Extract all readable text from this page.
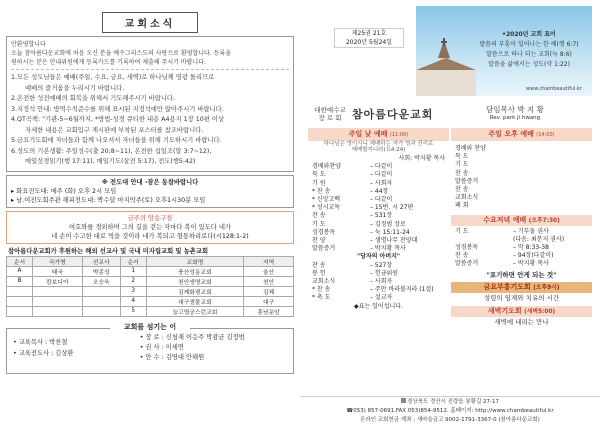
교회소식
안환영합니다
오늘 참아름다운교회에 처음 오신 분을 예수그리스도의 사랑으로 환영합니다. 등록을
원하시는 분은 안내위원에게 등록카드를 기록하여 제출해 주시기 바랍니다.

1.모든 성도님들은 예배(주일, 수요, 금요, 새벽)로 하나님께 영광 돌리므로

예배의 즐거움을 누리시기 바랍니다.

2.온전한 성전예배의 회복을 위해서 기도해주시기 바랍니다.

3.지정석 안내: 방역수칙준수를 위해 표시된 지정석에만 앉아주시기 바랍니다.

4.QT곡책: "기관-5~6월까지, *방법-성경 큐티한 내용 A4용지 1장 10편 이상

자세한 내용은 교회입구 게시판에 부착된 포스터를 참조바랍니다.

5.금요기도회에 자녀들과 함께 나오셔서 자녀들을 위해 기도하시기 바랍니다.

6.성도의 기본생활: 주일성수(출 20:8~11), 온전한 십일조(말 3:7~12),

매일성경읽기(행 17:11), 매일기도(살전 5:17), 전도(행5:42)
※ 전도대 안내 -잠은 동참바랍니다
▸ 화요전도대: 매주 (화) 오후 2시 모임
▸ 남.여전도회주관 해피전도대: 짝수달 마지막주(토) 오후1시30분 모임
금주의 암송구절
여호와를 경외하며 그의 길을 걷는 자마다 복이 있도다 네가
네 손이 수고한 대로 먹을 것이라 네가 복되고 형통하리로다(시128:1-2)
참아름다운교회가 후원하는 해외 선교사 및 국내 미자립교회 및 농촌교회
순서	국가명	선교사	순서	교회명	지역
A	태국	박종성	1	풍산성동교회	울산
B	캄보디아	오승욱	2	천안생명교회	천안
			3	김제화평교회	김제
			4	대구샘물교회	대구
			5	늘고엽궁스런교회	흥남운암
교회를 섬기는 이
• 교육목사 : 박찬철
• 교육전도사 : 김상환
• 장 로 : 신청재 이응주 박광균 김정범
• 권 사 : 이세연
• 안 수 : 김영대 안해원
제25권 21호
2020년 5월24일
•2020년 교회 표어
말씀의 부흥이 일어나는 한 해(행 6:7)
말씀으로 하나 되는 교회(눅 8:6)
말씀을 삶에서는 성도(약 1:22)
www.chambeautiful.kr
대한예수교
장 로 회 참아름다운교회	담임목사 박 지 황
Rev. park ji hwang
주일 낮 예배 (11:00)
하나님은 영이시니 예배하는 자가 영과 진리로
예배할지니라(요4:24)
사회: 박지황 목사
경배와찬양	– 다같이
묵 도	– 다같이
기 원	– 사회자
* 찬 송	– 44장
* 신앙고백	– 다같이
* 성시교독	– 15번. 시 27편
찬 송	– 531장
기 도	– 김정범 장로
성경봉독	– 눅 15:11-24
찬 양	– 샘명나무 찬양대
말씀증거	– 박지황 목사
"당자의 아버지"
찬 송	– 527장
봉 헌	– 헌금위원
교회소식	– 사회자
* 찬 송	– 주만 바라볼지라 (1절)
* 축 도	– 설교자
◆표는 일어섭니다.
주일 오후 예배 (14:00)
경배와 찬양
묵 도
기 도
찬 송
말씀증거
찬 송
교회소식
폐 회
수요저녁 예배 (오후7:30)
기 도	– 기부돌 권사
(다음: 최분지 권사)
성경봉독	– 막 8:33-38
찬 송	– 94장(다같이)
말씀증거	– 박지황 목사
"포기하면 안게 되는 것"
금요부흥기도회 (오후9시)
성령의 임재와 치유의 시간
새벽기도회 (새벽5:00)
새벽에 내리는 만나
경상북도 경산시 진량읍 봉황길 27-17
☎053) 857-0691,FAX 053)854-9512. 홈페이지: http://www.chambeautiful.kr
온라인 교회헌금 계좌 : 새마을금고 9002-1791-3367-0 (참아름다운교회)
